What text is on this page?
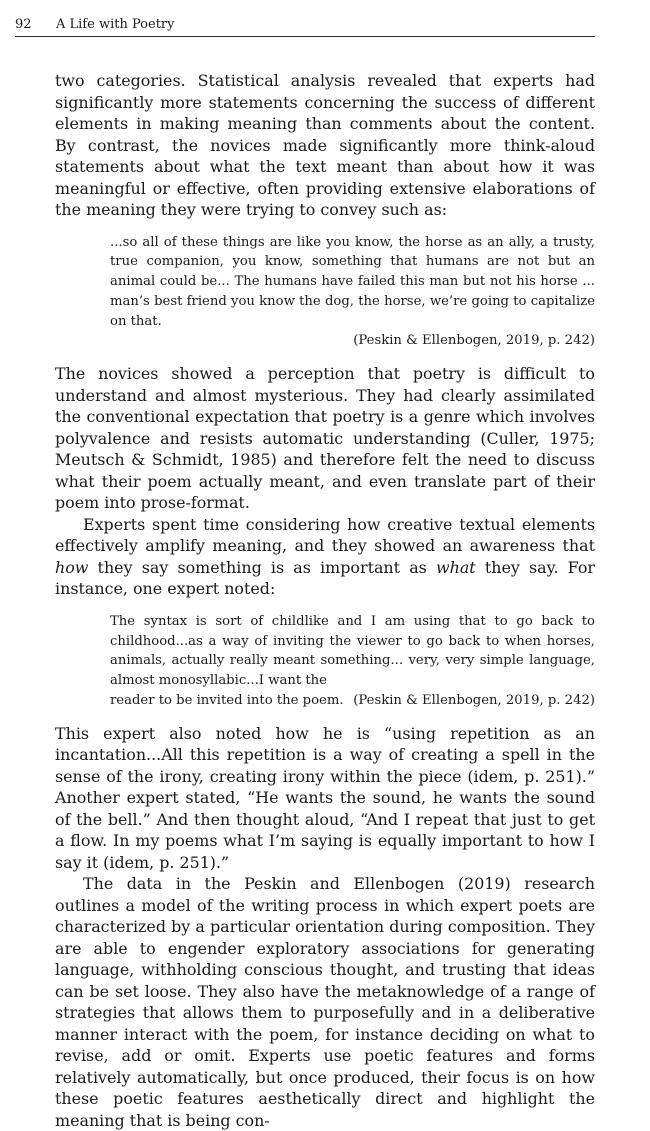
92 A Life with Poetry

two categories. Statistical analysis revealed that experts had significantly more statements concerning the success of different elements in making meaning than comments about the content. By contrast, the novices made significantly more think-aloud statements about what the text meant than about how it was meaningful or effective, often providing extensive elaborations of the meaning they were trying to convey such as:

...so all of these things are like you know, the horse as an ally, a trusty, true companion, you know, something that humans are not but an animal could be... The humans have failed this man but not his horse ... man’s best friend you know the dog, the horse, we’re going to capitalize on that.
(Peskin & Ellenbogen, 2019, p. 242)

The novices showed a perception that poetry is difficult to understand and almost mysterious. They had clearly assimilated the conventional expectation that poetry is a genre which involves polyvalence and resists automatic understanding (Culler, 1975; Meutsch & Schmidt, 1985) and therefore felt the need to discuss what their poem actually meant, and even translate part of their poem into prose-format.

Experts spent time considering how creative textual elements effectively amplify meaning, and they showed an awareness that how they say something is as important as what they say. For instance, one expert noted:

The syntax is sort of childlike and I am using that to go back to childhood...as a way of inviting the viewer to go back to when horses, animals, actually really meant something... very, very simple language, almost monosyllabic...I want the
reader to be invited into the poem. (Peskin & Ellenbogen, 2019, p. 242)

This expert also noted how he is “using repetition as an incantation...All this repetition is a way of creating a spell in the sense of the irony, creating irony within the piece (idem, p. 251).” Another expert stated, “He wants the sound, he wants the sound of the bell.” And then thought aloud, “And I repeat that just to get a flow. In my poems what I’m saying is equally important to how I say it (idem, p. 251).”

The data in the Peskin and Ellenbogen (2019) research outlines a model of the writing process in which expert poets are characterized by a particular orientation during composition. They are able to engender exploratory associations for generating language, withholding conscious thought, and trusting that ideas can be set loose. They also have the metaknowledge of a range of strategies that allows them to purposefully and in a deliberative manner interact with the poem, for instance deciding on what to revise, add or omit. Experts use poetic features and forms relatively automatically, but once produced, their focus is on how these poetic features aesthetically direct and highlight the meaning that is being con-
